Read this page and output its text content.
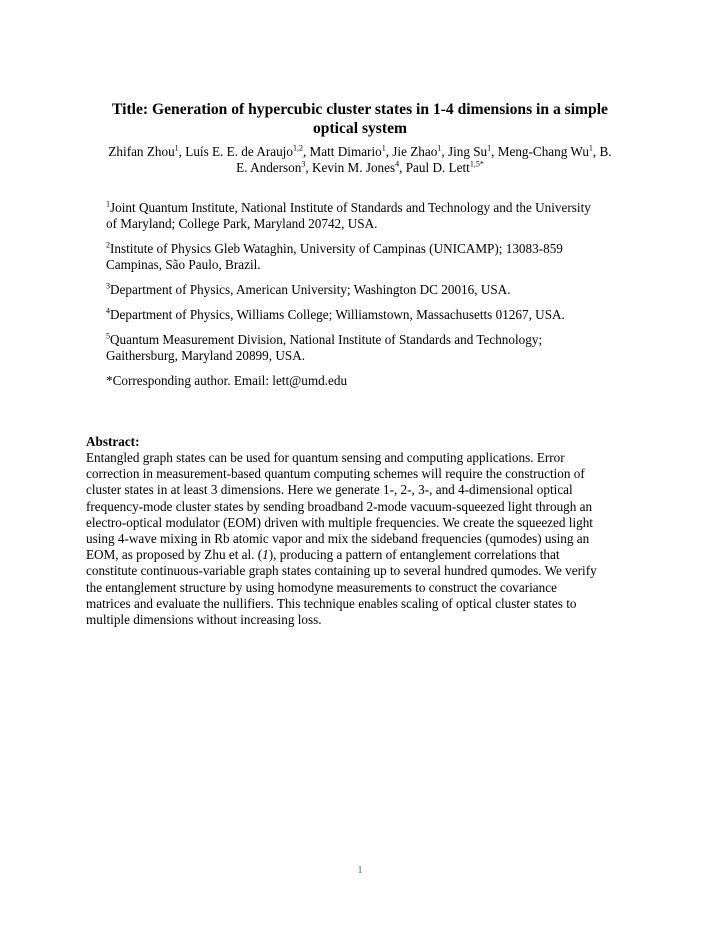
Title: Generation of hypercubic cluster states in 1-4 dimensions in a simple
optical system
Zhifan Zhou$^1$, Luís E. E. de Araujo$^{1,2}$, Matt Dimario$^1$, Jie Zhao$^1$, Jing Su$^1$, Meng-Chang Wu$^1$, B.
E. Anderson$^3$, Kevin M. Jones$^4$, Paul D. Lett$^{1,5*}$
$^1$Joint Quantum Institute, National Institute of Standards and Technology and the University
of Maryland; College Park, Maryland 20742, USA.
$^2$Institute of Physics Gleb Wataghin, University of Campinas (UNICAMP); 13083-859
Campinas, São Paulo, Brazil.
$^3$Department of Physics, American University; Washington DC 20016, USA.
$^4$Department of Physics, Williams College; Williamstown, Massachusetts 01267, USA.
$^5$Quantum Measurement Division, National Institute of Standards and Technology;
Gaithersburg, Maryland 20899, USA.
*Corresponding author. Email: lett@umd.edu
Abstract:
Entangled graph states can be used for quantum sensing and computing applications. Error
correction in measurement-based quantum computing schemes will require the construction of
cluster states in at least 3 dimensions. Here we generate 1-, 2-, 3-, and 4-dimensional optical
frequency-mode cluster states by sending broadband 2-mode vacuum-squeezed light through an
electro-optical modulator (EOM) driven with multiple frequencies. We create the squeezed light
using 4-wave mixing in Rb atomic vapor and mix the sideband frequencies (qumodes) using an
EOM, as proposed by Zhu et al. (1), producing a pattern of entanglement correlations that
constitute continuous-variable graph states containing up to several hundred qumodes. We verify
the entanglement structure by using homodyne measurements to construct the covariance
matrices and evaluate the nullifiers. This technique enables scaling of optical cluster states to
multiple dimensions without increasing loss.
1
